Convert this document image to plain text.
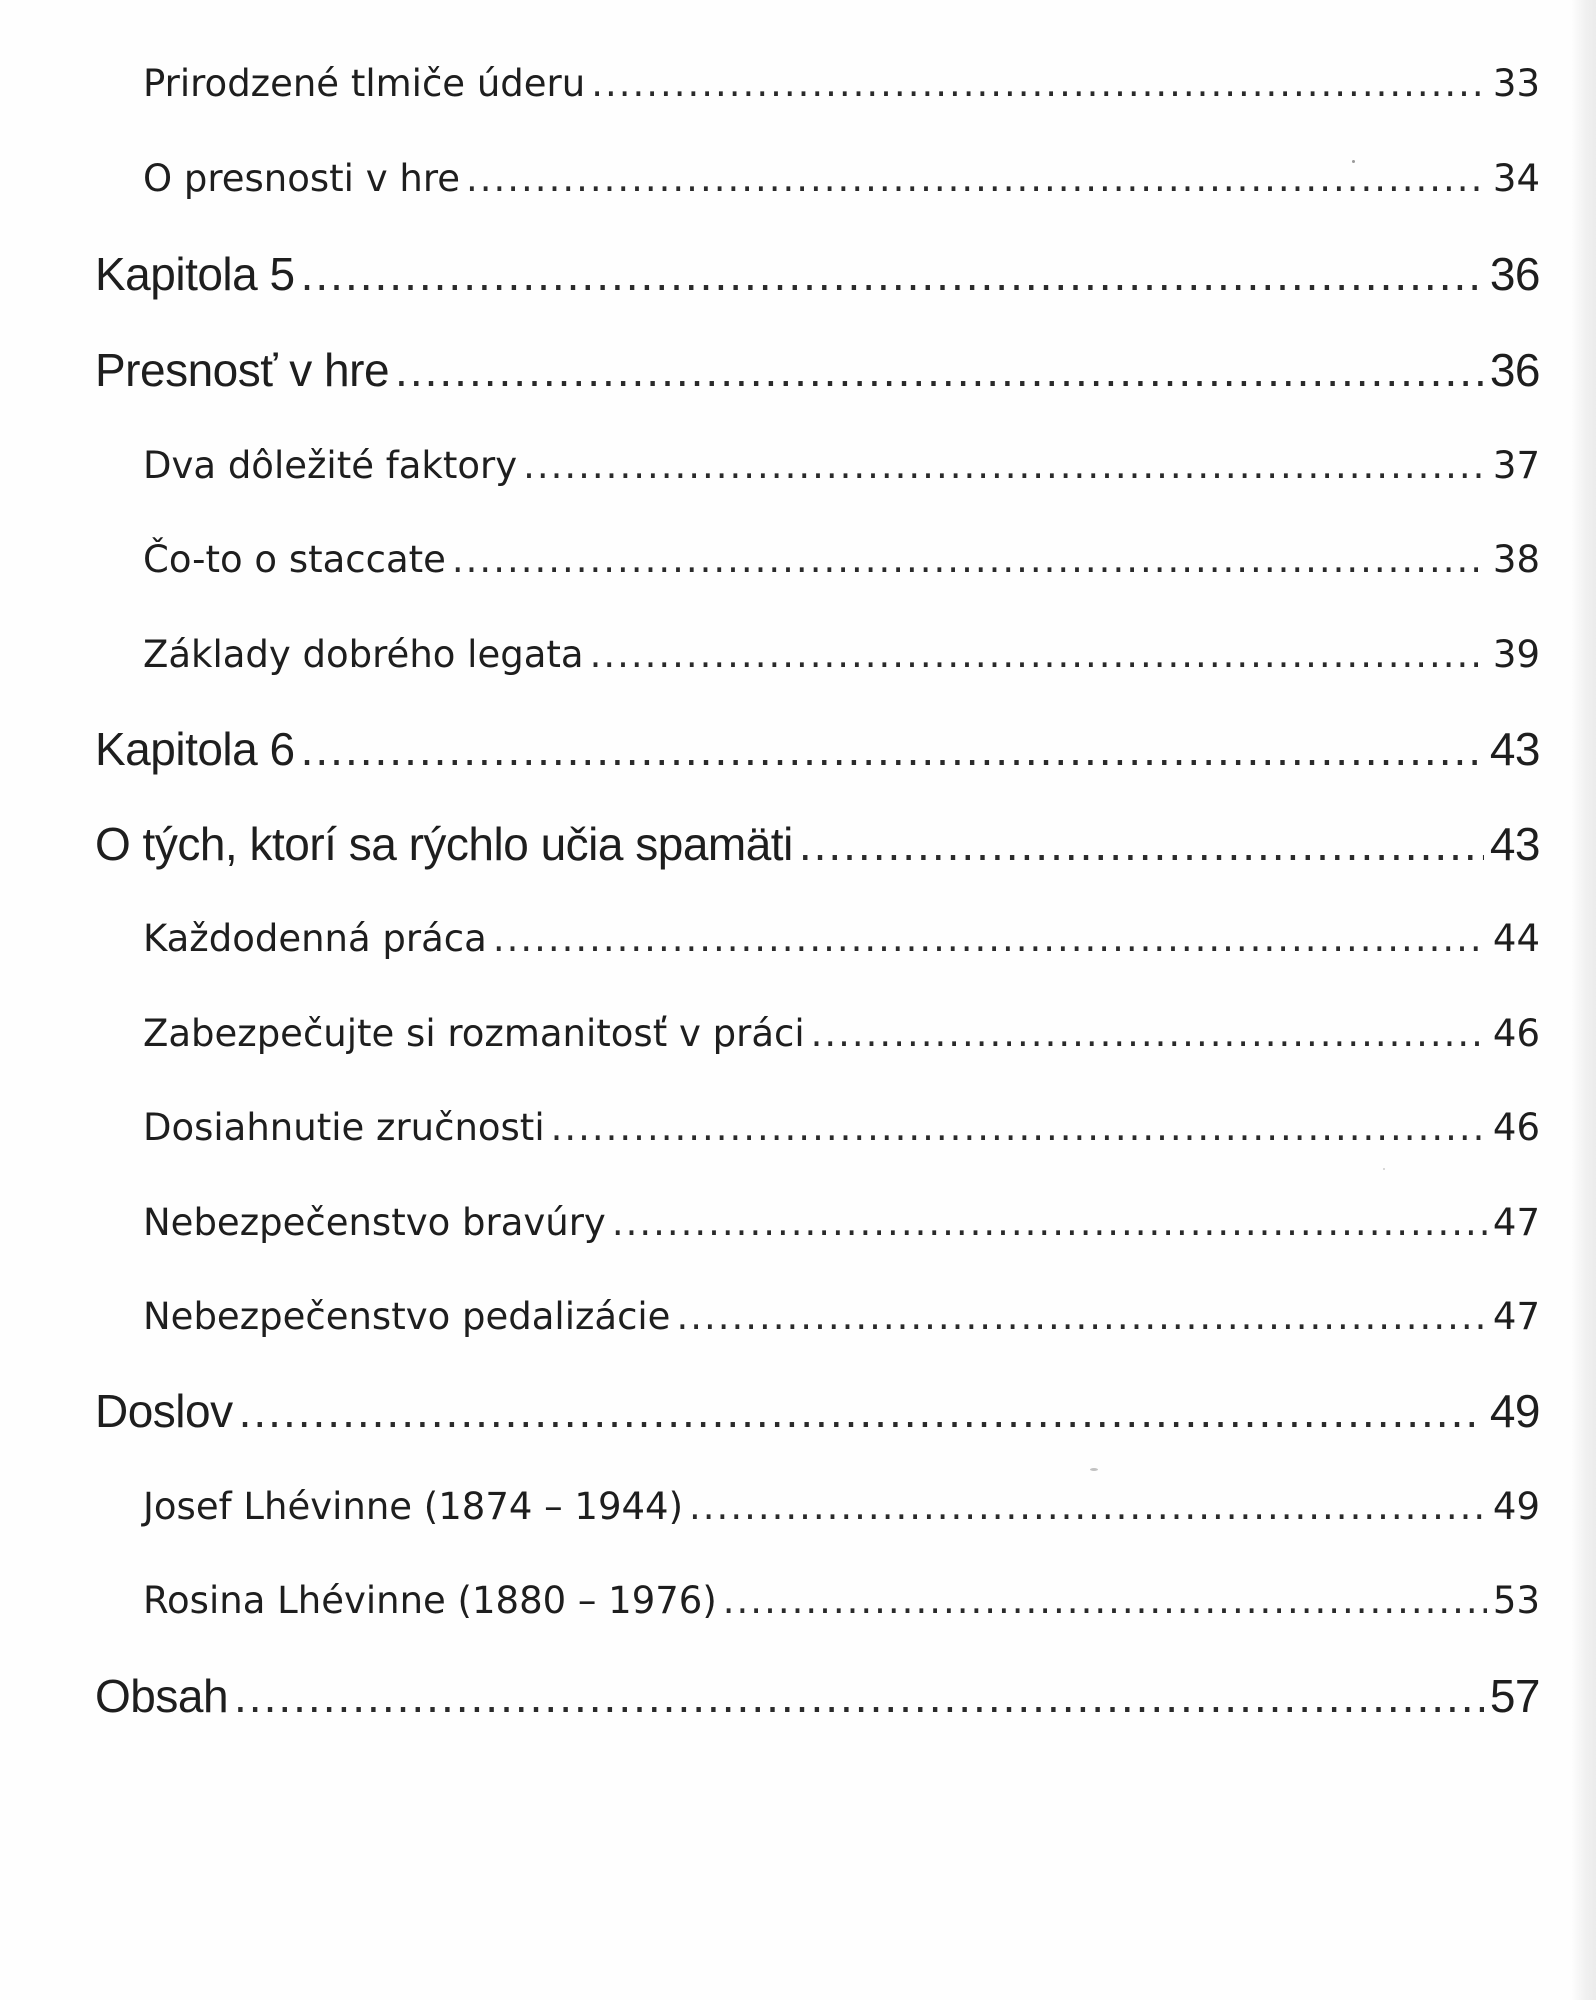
Prirodzené tlmiče úderu .....	33
O presnosti v hre .....	34
Kapitola 5 .....	36
Presnosť v hre .....	36
Dva dôležité faktory .....	37
Čo-to o staccate .....	38
Základy dobrého legata .....	39
Kapitola 6 .....	43
O tých, ktorí sa rýchlo učia spamäti .....	43
Každodenná práca .....	44
Zabezpečujte si rozmanitosť v práci .....	46
Dosiahnutie zručnosti .....	46
Nebezpečenstvo bravúry .....	47
Nebezpečenstvo pedalizácie .....	47
Doslov .....	49
Josef Lhévinne (1874 – 1944) .....	49
Rosina Lhévinne (1880 – 1976) .....	53
Obsah .....	57
